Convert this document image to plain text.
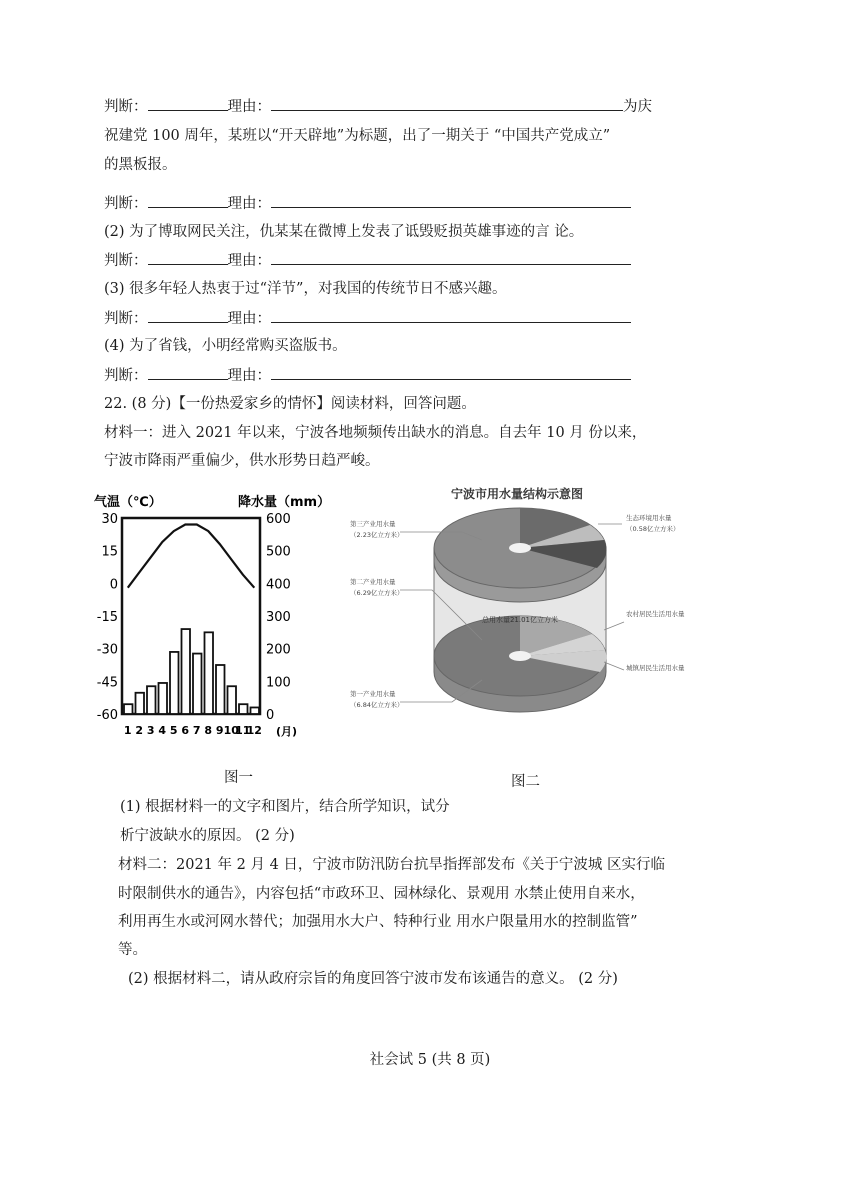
判断：	理由：	为庆
祝建党 100 周年，某班以“开天辟地”为标题，出了一期关于 “中国共产党成立”
的黑板报。
判断：	理由：
(2) 为了博取网民关注，仇某某在微博上发表了诋毁贬损英雄事迹的言 论。
判断：	理由：
(3) 很多年轻人热衷于过“洋节”，对我国的传统节日不感兴趣。
判断：	理由：
(4) 为了省钱，小明经常购买盗版书。
判断：	理由：
22. (8 分)【一份热爱家乡的情怀】阅读材料，回答问题。
材料一：进入 2021 年以来，宁波各地频频传出缺水的消息。自去年 10 月 份以来，
宁波市降雨严重偏少，供水形势日趋严峻。
气温（℃）	降水量（mm）
30
15
0
-15
-30
-45
-60
600
500
400
300
200
100
0
1 2 3 4 5 6 7 8 9 10
11
12 (月)
图一
宁波市用水量结构示意图
总用水量21.01亿立方米
第三产业用水量
（2.23亿立方米）
生态环境用水量
（0.58亿立方米）
第二产业用水量
（6.29亿立方米）
农村居民生活用水量
城镇居民生活用水量
第一产业用水量
（6.84亿立方米）
图二
(1) 根据材料一的文字和图片，结合所学知识，试分
析宁波缺水的原因。 (2 分)
材料二：2021 年 2 月 4 日，宁波市防汛防台抗旱指挥部发布《关于宁波城 区实行临
时限制供水的通告》，内容包括“市政环卫、园林绿化、景观用 水禁止使用自来水，
利用再生水或河网水替代；加强用水大户、特种行业 用水户限量用水的控制监管”
等。
(2) 根据材料二，请从政府宗旨的角度回答宁波市发布该通告的意义。 (2 分)
社会试 5 (共 8 页)
